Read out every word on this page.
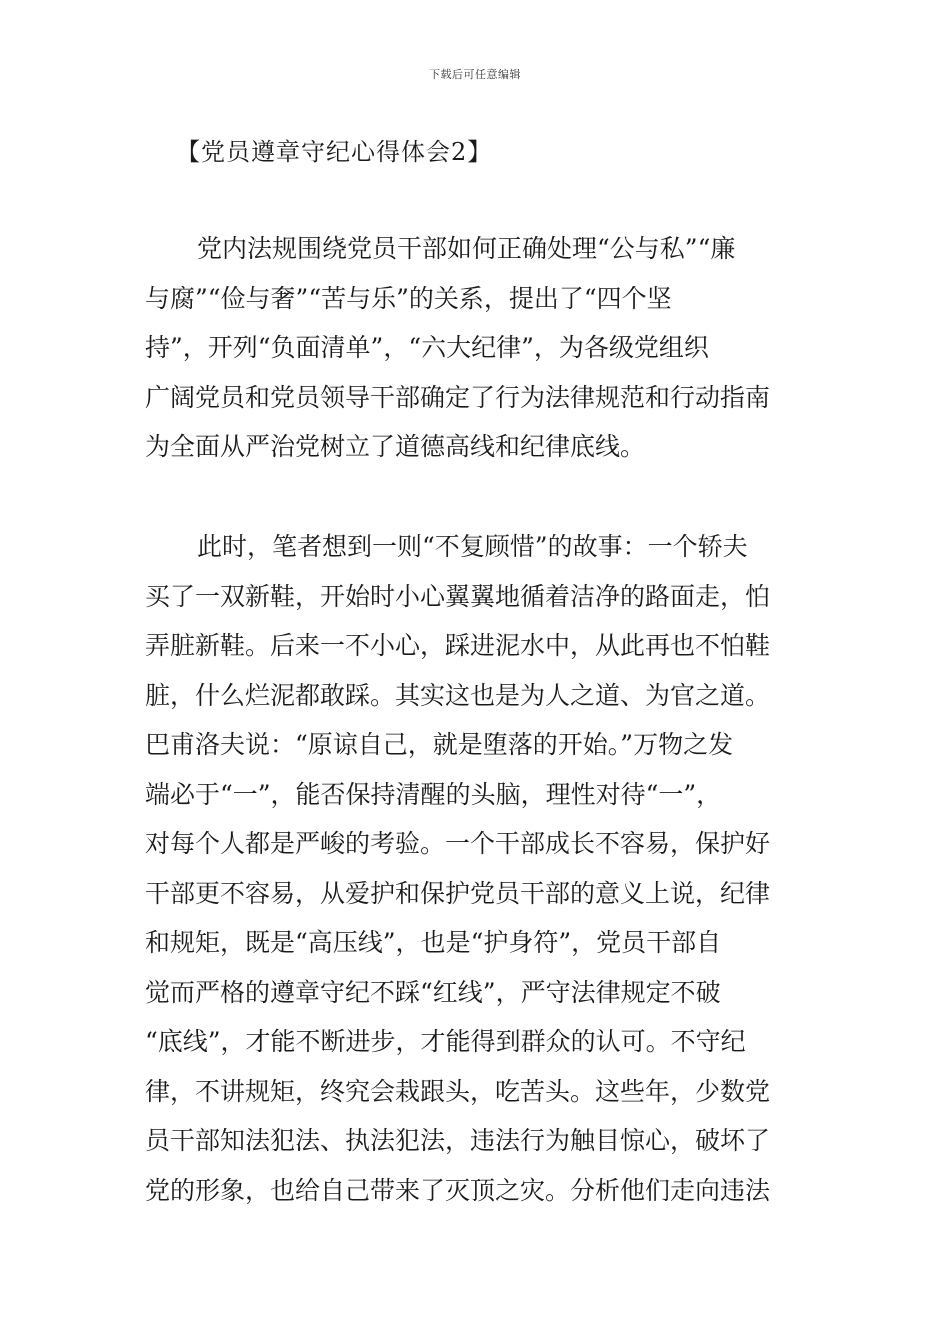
下载后可任意编辑
【党员遵章守纪心得体会2】
党内法规围绕党员干部如何正确处理“公与私”“廉
与腐”“俭与奢”“苦与乐”的关系，提出了“四个坚
持”，开列“负面清单”，“六大纪律”，为各级党组织
广阔党员和党员领导干部确定了行为法律规范和行动指南
为全面从严治党树立了道德高线和纪律底线。
此时，笔者想到一则“不复顾惜”的故事：一个轿夫
买了一双新鞋，开始时小心翼翼地循着洁净的路面走，怕
弄脏新鞋。后来一不小心，踩进泥水中，从此再也不怕鞋
脏，什么烂泥都敢踩。其实这也是为人之道、为官之道。
巴甫洛夫说：“原谅自己，就是堕落的开始。”万物之发
端必于“一”，能否保持清醒的头脑，理性对待“一”，
对每个人都是严峻的考验。一个干部成长不容易，保护好
干部更不容易，从爱护和保护党员干部的意义上说，纪律
和规矩，既是“高压线”，也是“护身符”，党员干部自
觉而严格的遵章守纪不踩“红线”，严守法律规定不破
“底线”，才能不断进步，才能得到群众的认可。不守纪
律，不讲规矩，终究会栽跟头，吃苦头。这些年，少数党
员干部知法犯法、执法犯法，违法行为触目惊心，破坏了
党的形象，也给自己带来了灭顶之灾。分析他们走向违法
